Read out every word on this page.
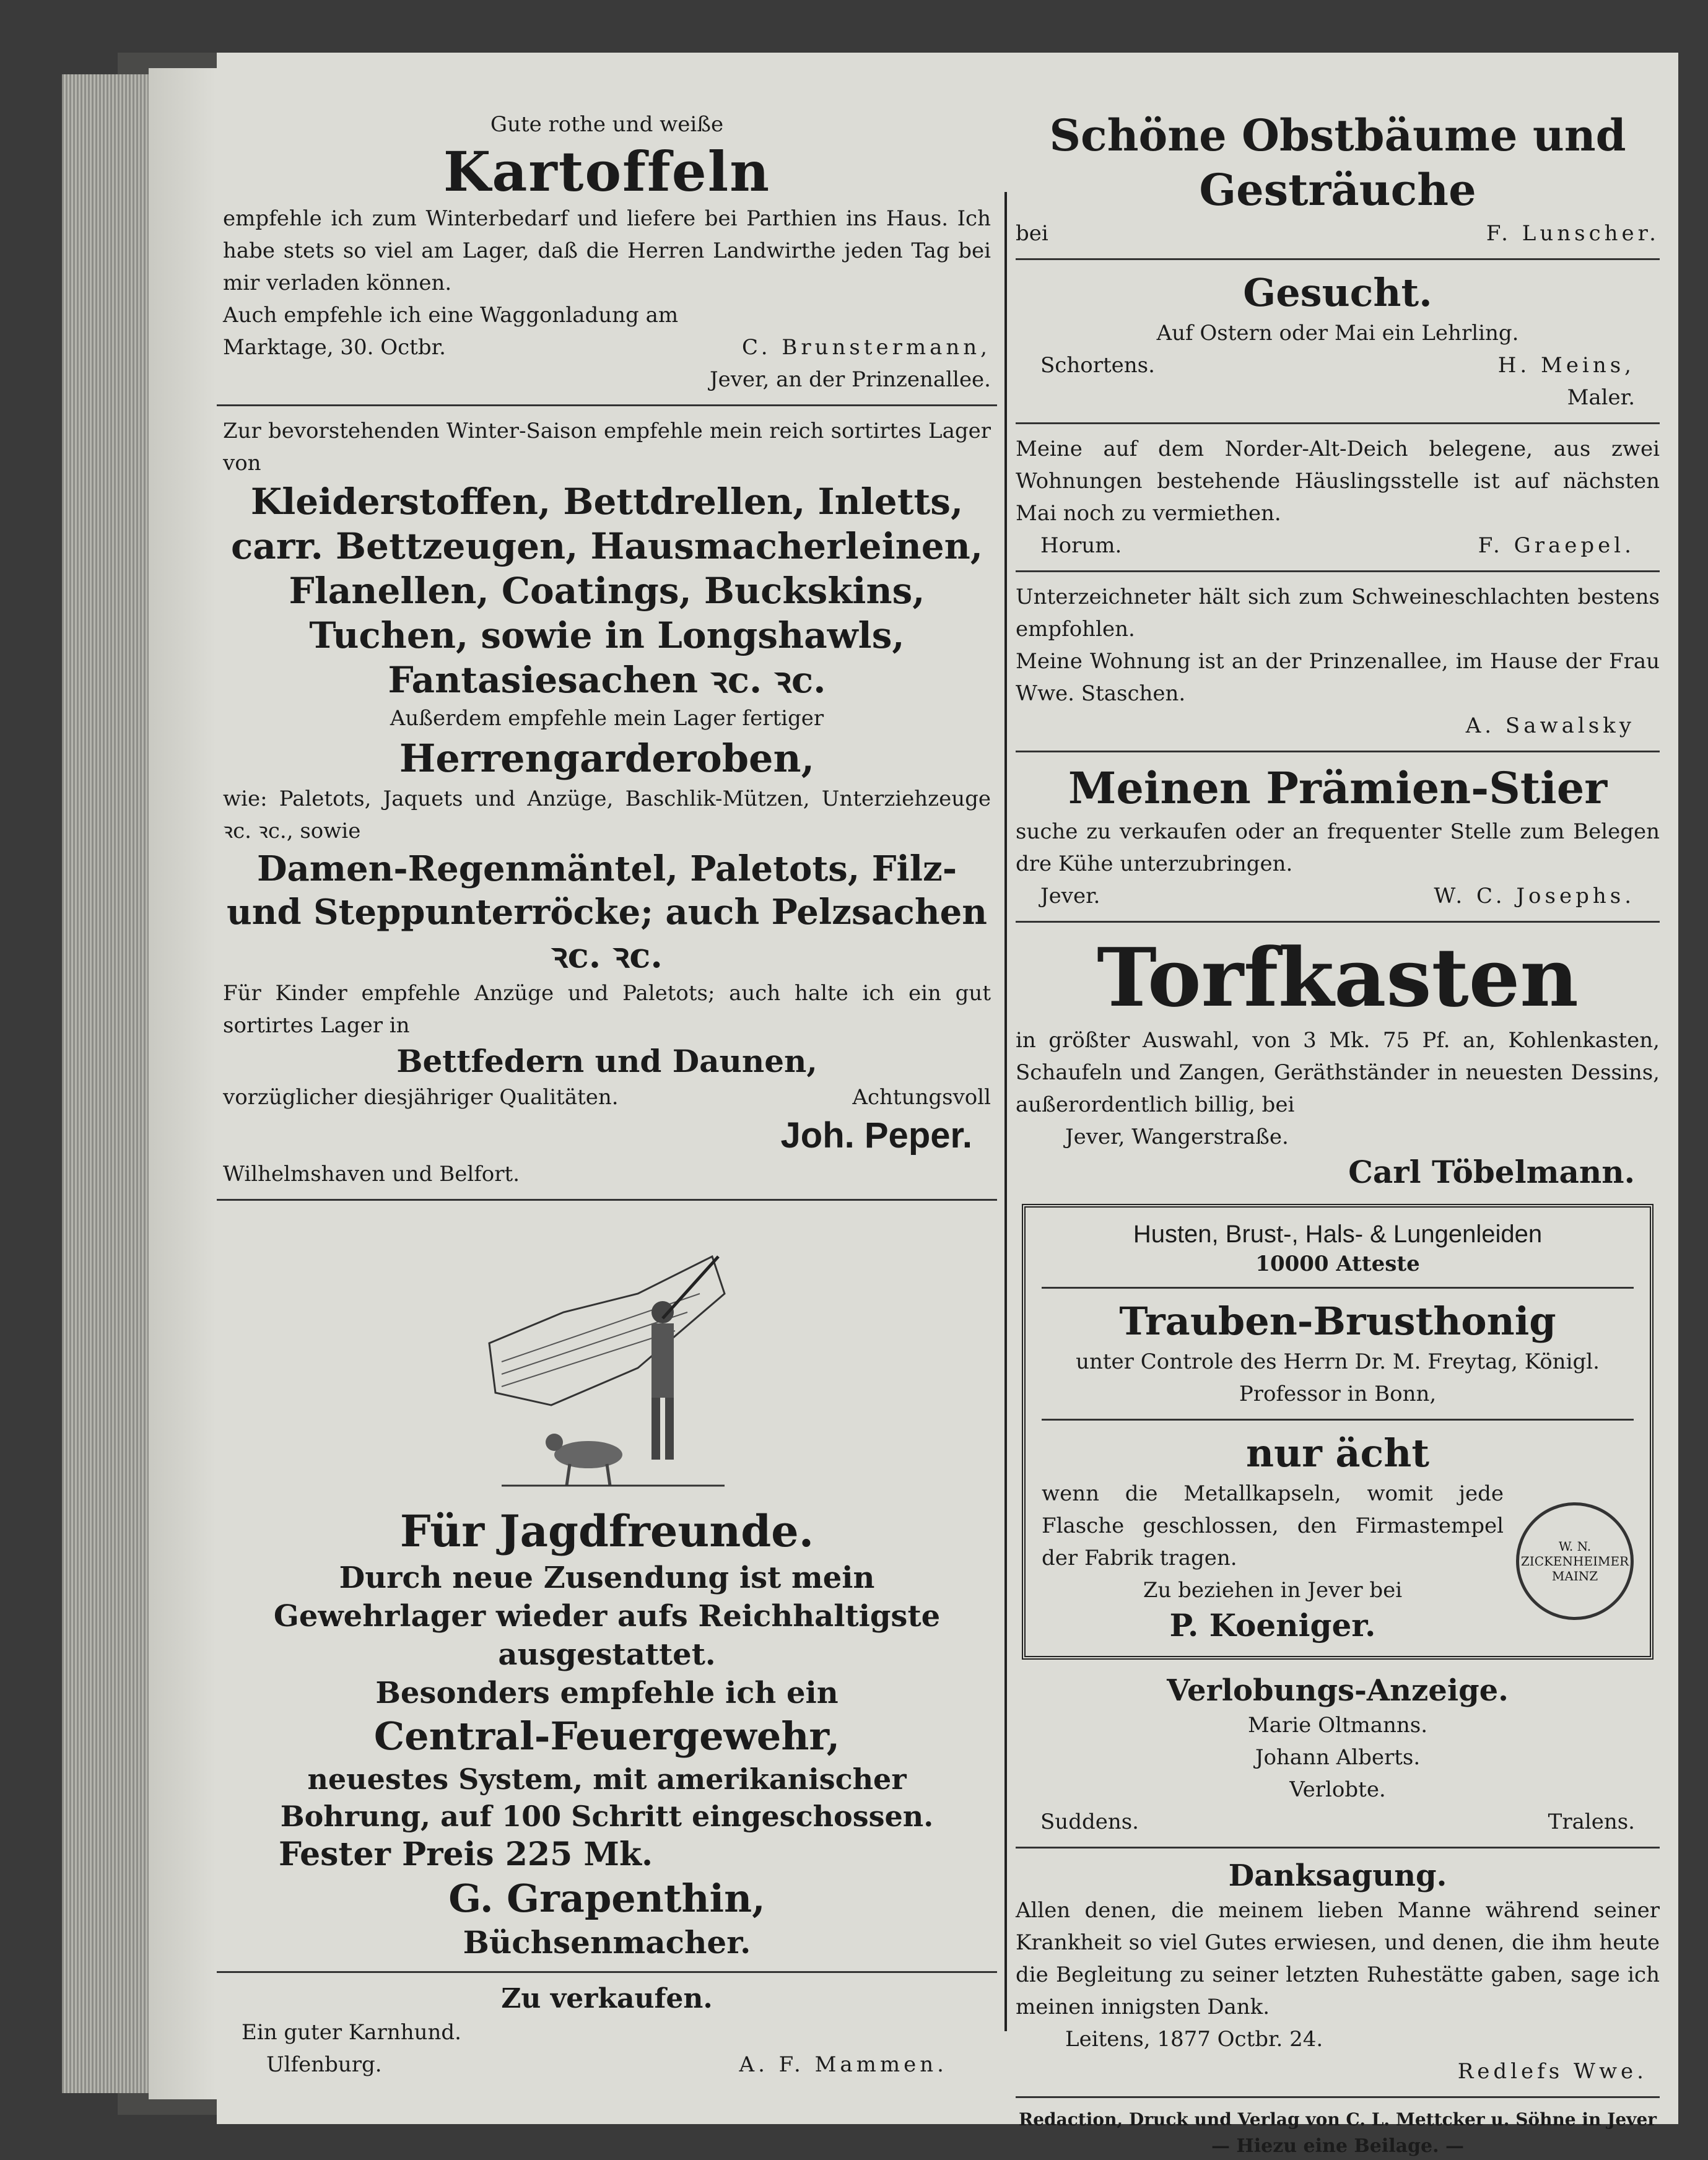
Gute rothe und weiße

Kartoffeln

empfehle ich zum Winterbedarf und liefere bei Parthien ins Haus. Ich habe stets so viel am Lager, daß die Herren Landwirthe jeden Tag bei mir verladen können.

Auch empfehle ich eine Waggonladung am

Marktage, 30. Octbr.	C. Brunstermann,

Jever, an der Prinzenallee.

Zur bevorstehenden Winter-Saison empfehle mein reich sortirtes Lager von

Kleiderstoffen, Bettdrellen, Inletts, carr. Bettzeugen, Hausmacherleinen, Flanellen, Coatings, Buckskins, Tuchen, sowie in Longshawls, Fantasiesachen ꝛc. ꝛc.

Außerdem empfehle mein Lager fertiger

Herrengarderoben,

wie: Paletots, Jaquets und Anzüge, Baschlik-Mützen, Unterziehzeuge ꝛc. ꝛc., sowie

Damen-Regenmäntel, Paletots, Filz- und Steppunterröcke; auch Pelzsachen ꝛc. ꝛc.

Für Kinder empfehle Anzüge und Paletots; auch halte ich ein gut sortirtes Lager in

Bettfedern und Daunen,

vorzüglicher diesjähriger Qualitäten.	Achtungsvoll
Joh. Peper.

Wilhelmshaven und Belfort.

Für Jagdfreunde.

Durch neue Zusendung ist mein Gewehrlager wieder aufs Reichhaltigste ausgestattet.

Besonders empfehle ich ein

Central-Feuergewehr,

neuestes System, mit amerikanischer Bohrung, auf 100 Schritt eingeschossen.

Fester Preis 225 Mk.

G. Grapenthin,
Büchsenmacher.
Zu verkaufen.

Ein guter Karnhund.

Ulfenburg.	A. F. Mammen.
Schöne Obstbäume und Gesträuche
bei	F. Lunscher.
Gesucht.

Auf Ostern oder Mai ein Lehrling.

Schortens.	H. Meins,

Maler.

Meine auf dem Norder-Alt-Deich belegene, aus zwei Wohnungen bestehende Häuslingsstelle ist auf nächsten Mai noch zu vermiethen.

Horum.	F. Graepel.

Unterzeichneter hält sich zum Schweineschlachten bestens empfohlen.

Meine Wohnung ist an der Prinzenallee, im Hause der Frau Wwe. Staschen.

A. Sawalsky

Meinen Prämien-Stier

suche zu verkaufen oder an frequenter Stelle zum Belegen dre Kühe unterzubringen.

Jever.	W. C. Josephs.
Torfkasten

in größter Auswahl, von 3 Mk. 75 Pf. an, Kohlenkasten, Schaufeln und Zangen, Geräthständer in neuesten Dessins, außerordentlich billig, bei

Jever, Wangerstraße.

Carl Töbelmann.
Husten, Brust-, Hals- & Lungenleiden
10000 Atteste
Trauben-Brusthonig

unter Controle des Herrn Dr. M. Freytag, Königl. Professor in Bonn,

nur ächt

wenn die Metallkapseln, womit jede Flasche geschlossen, den Firmastempel der Fabrik tragen.

Zu beziehen in Jever bei

P. Koeniger.
W. N. ZICKENHEIMER MAINZ
Verlobungs-Anzeige.

Marie Oltmanns.

Johann Alberts.

Verlobte.

Suddens.	Tralens.
Danksagung.

Allen denen, die meinem lieben Manne während seiner Krankheit so viel Gutes erwiesen, und denen, die ihm heute die Begleitung zu seiner letzten Ruhestätte gaben, sage ich meinen innigsten Dank.

Leitens, 1877 Octbr. 24.

Redlefs Wwe.

Redaction, Druck und Verlag von C. L. Mettcker u. Söhne in Jever

— Hiezu eine Beilage. —
